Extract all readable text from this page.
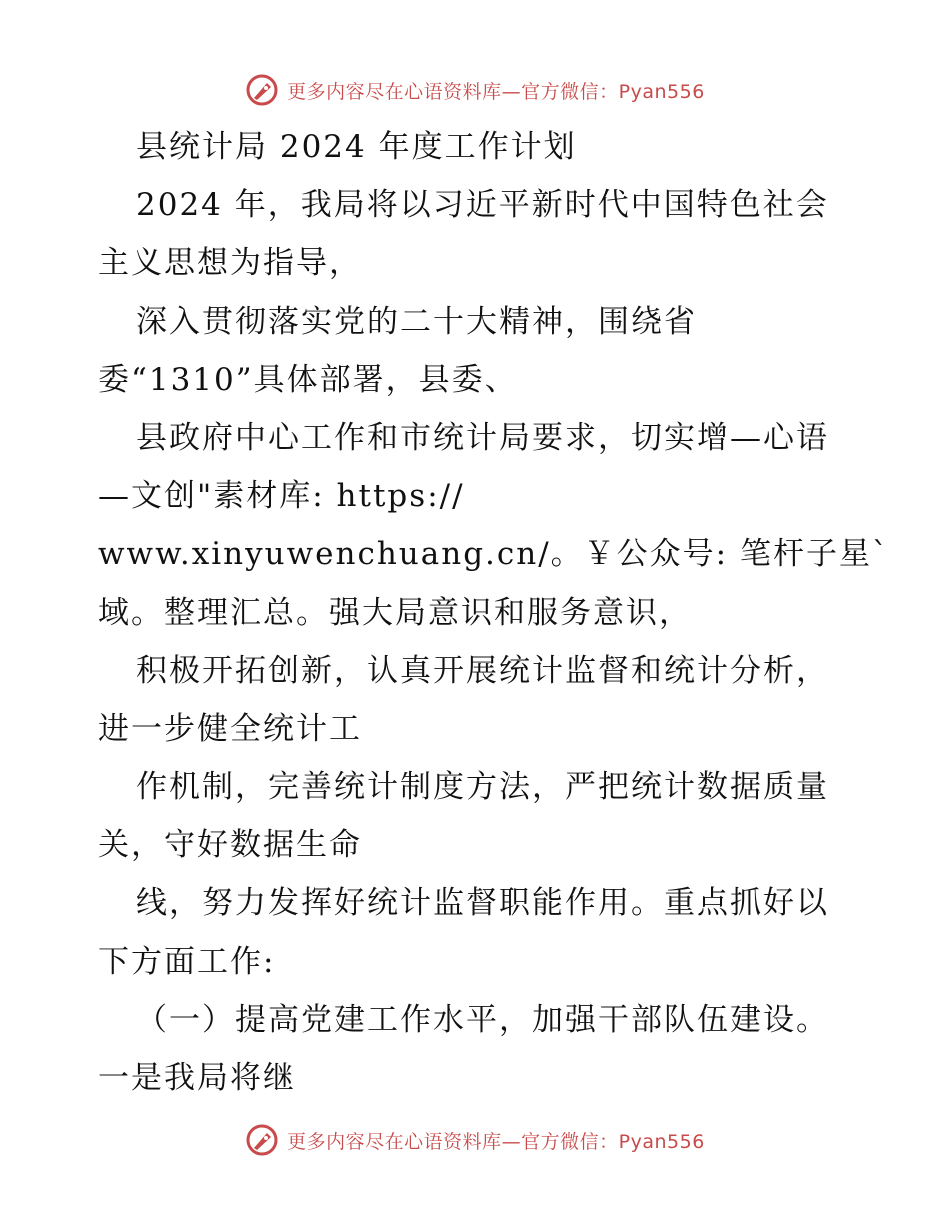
更多内容尽在心语资料库—官方微信：Pyan556
县统计局 2024 年度工作计划
2024 年，我局将以习近平新时代中国特色社会
主义思想为指导，
深入贯彻落实党的二十大精神，围绕省
委“1310”具体部署，县委、
县政府中心工作和市统计局要求，切实增—心语
—文创"素材库: https://
www.xinyuwenchuang.cn/。￥公众号: 笔杆子星`
域。整理汇总。强大局意识和服务意识，
积极开拓创新，认真开展统计监督和统计分析，
进一步健全统计工
作机制，完善统计制度方法，严把统计数据质量
关，守好数据生命
线，努力发挥好统计监督职能作用。重点抓好以
下方面工作:
（一）提高党建工作水平，加强干部队伍建设。
一是我局将继
更多内容尽在心语资料库—官方微信：Pyan556
